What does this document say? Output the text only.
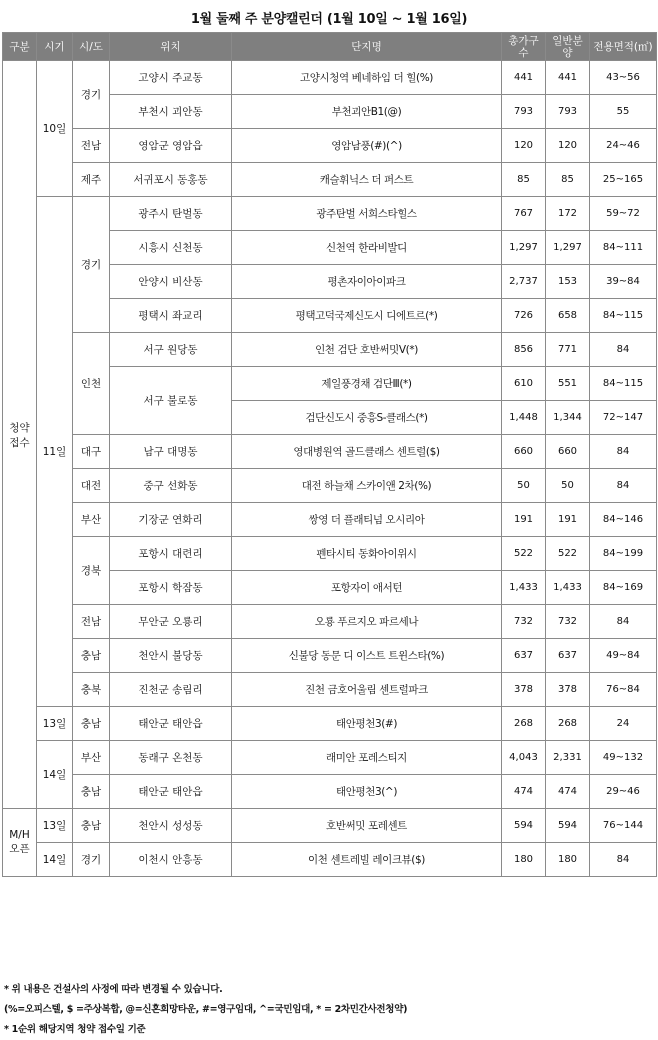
1월 둘째 주 분양캘린더 (1월 10일 ~ 1월 16일)
구분	시기	시/도	위치	단지명	총가구수	일반분양	전용면적(㎡)
청약접수	10일	경기	고양시 주교동	고양시청역 베네하임 더 힐(%)	441	441	43~56
			부천시 괴안동	부천괴안B1(@)	793	793	55
		전남	영암군 영암읍	영암남풍(#)(^)	120	120	24~46
		제주	서귀포시 동홍동	캐슬휘닉스 더 퍼스트	85	85	25~165
	11일	경기	광주시 탄벌동	광주탄벌 서희스타힐스	767	172	59~72
			시흥시 신천동	신천역 한라비발디	1,297	1,297	84~111
			안양시 비산동	평촌자이아이파크	2,737	153	39~84
			평택시 좌교리	평택고덕국제신도시 디에트르(*)	726	658	84~115
		인천	서구 원당동	인천 검단 호반써밋Ⅴ(*)	856	771	84
			서구 불로동	제일풍경채 검단Ⅲ(*)	610	551	84~115
				검단신도시 중흥S-클래스(*)	1,448	1,344	72~147
		대구	남구 대명동	영대병원역 골드클래스 센트럴($)	660	660	84
		대전	중구 선화동	대전 하늘채 스카이앤 2차(%)	50	50	84
		부산	기장군 연화리	쌍영 더 플래티넘 오시리아	191	191	84~146
		경북	포항시 대련리	펜타시티 동화아이위시	522	522	84~199
			포항시 학잠동	포항자이 애서턴	1,433	1,433	84~169
		전남	무안군 오룡리	오룡 푸르지오 파르세나	732	732	84
		충남	천안시 불당동	신불당 동문 디 이스트 트윈스타(%)	637	637	49~84
		충북	진천군 송림리	진천 금호어울림 센트럴파크	378	378	76~84
	13일	충남	태안군 태안읍	태안평천3(#)	268	268	24
	14일	부산	동래구 온천동	래미안 포레스티지	4,043	2,331	49~132
		충남	태안군 태안읍	태안평천3(^)	474	474	29~46
M/H오픈	13일	충남	천안시 성성동	호반써밋 포레센트	594	594	76~144
	14일	경기	이천시 안흥동	이천 센트레빌 레이크뷰($)	180	180	84
* 위 내용은 건설사의 사정에 따라 변경될 수 있습니다.
(%=오피스텔, $ =주상복합, @=신혼희망타운, #=영구임대, ^=국민임대, * = 2차민간사전청약)
* 1순위 해당지역 청약 접수일 기준
